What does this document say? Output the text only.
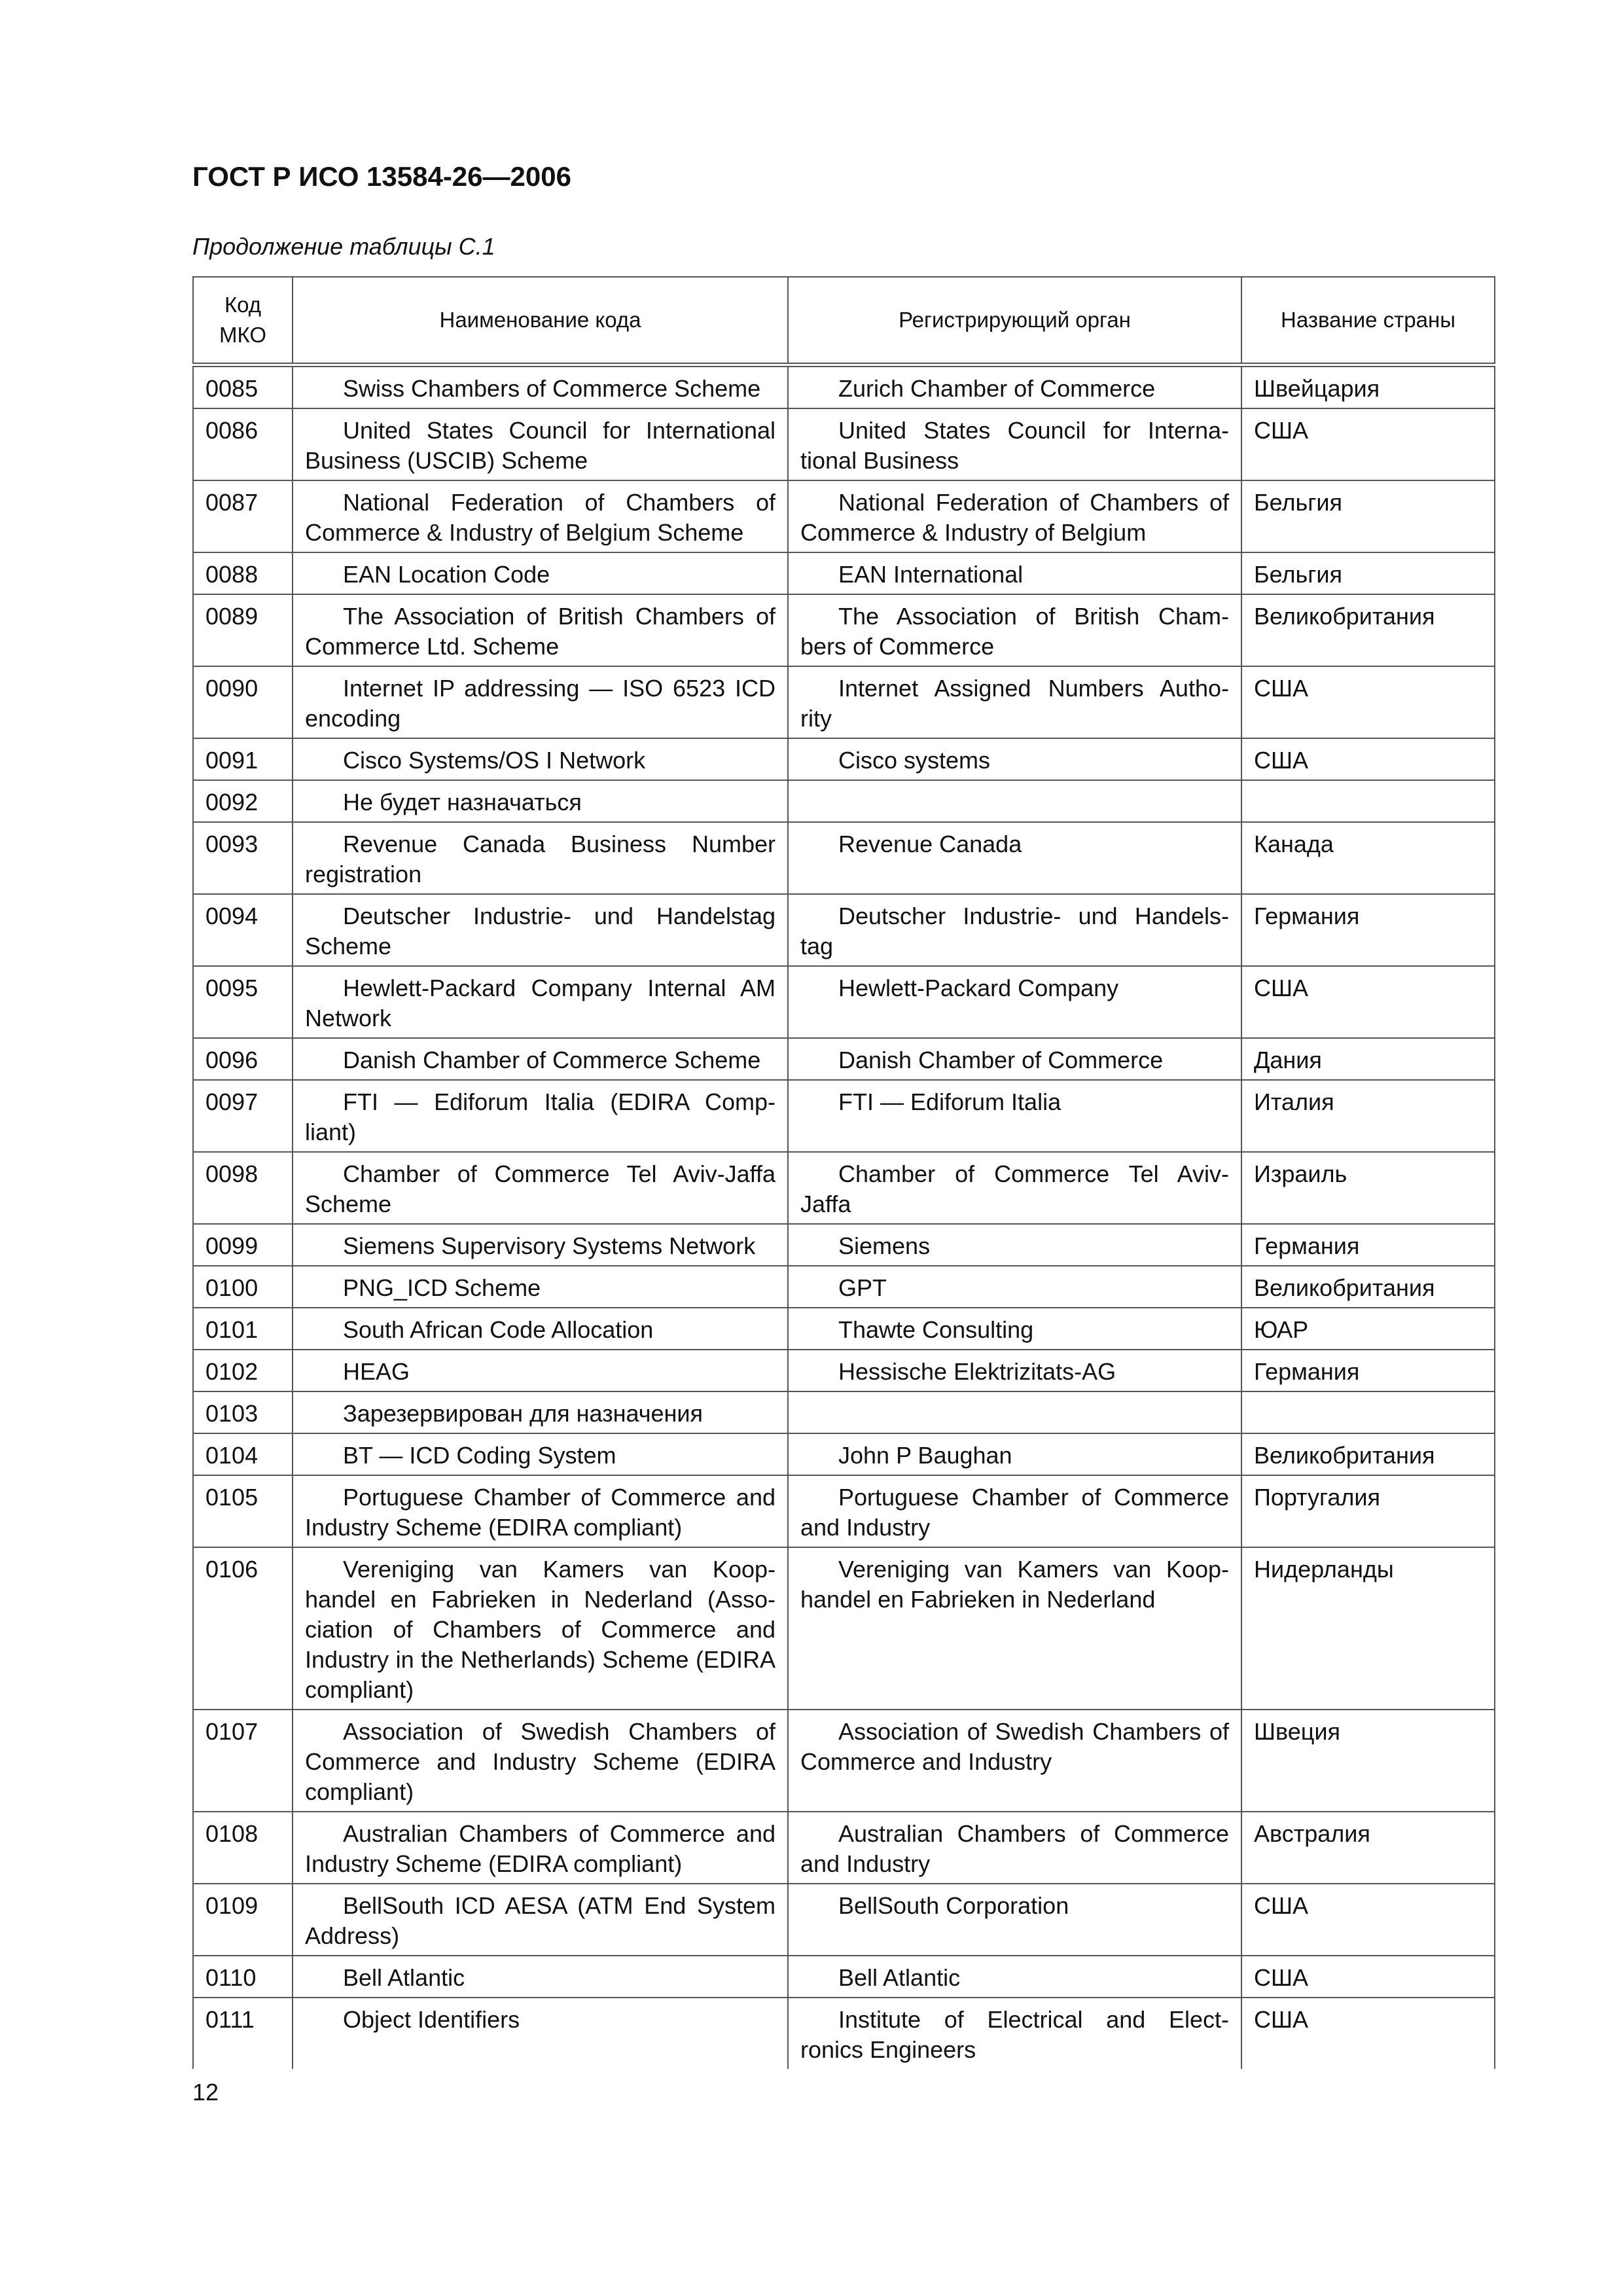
ГОСТ Р ИСО 13584-26—2006
Продолжение таблицы С.1
Код
МКО	Наименование кода	Регистрирующий орган	Название страны
0085	Swiss Chambers of Commerce Scheme	Zurich Chamber of Commerce	Швейцария
0086	United States Council for International Business (USCIB) Scheme	United States Council for Interna- tional Business	США
0087	National Federation of Chambers of Commerce & Industry of Belgium Scheme	National Federation of Chambers of Commerce & Industry of Belgium	Бельгия
0088	EAN Location Code	EAN International	Бельгия
0089	The Association of British Chambers of Commerce Ltd. Scheme	The Association of British Cham- bers of Commerce	Великобритания
0090	Internet IP addressing — ISO 6523 ICD encoding	Internet Assigned Numbers Autho- rity	США
0091	Cisco Systems/OS I Network	Cisco systems	США
0092	Не будет назначаться		
0093	Revenue Canada Business Number registration	Revenue Canada	Канада
0094	Deutscher Industrie- und Handelstag Scheme	Deutscher Industrie- und Handels- tag	Германия
0095	Hewlett-Packard Company Internal AM Network	Hewlett-Packard Company	США
0096	Danish Chamber of Commerce Scheme	Danish Chamber of Commerce	Дания
0097	FTI — Ediforum Italia (EDIRA Comp- liant)	FTI — Ediforum Italia	Италия
0098	Chamber of Commerce Tel Aviv-Jaffa Scheme	Chamber of Commerce Tel Aviv- Jaffa	Израиль
0099	Siemens Supervisory Systems Network	Siemens	Германия
0100	PNG_ICD Scheme	GPT	Великобритания
0101	South African Code Allocation	Thawte Consulting	ЮАР
0102	HEAG	Hessische Elektrizitats-AG	Германия
0103	Зарезервирован для назначения		
0104	BT — ICD Coding System	John P Baughan	Великобритания
0105	Portuguese Chamber of Commerce and Industry Scheme (EDIRA compliant)	Portuguese Chamber of Commerce and Industry	Португалия
0106	Vereniging van Kamers van Koop- handel en Fabrieken in Nederland (Asso- ciation of Chambers of Commerce and Industry in the Netherlands) Scheme (EDIRA compliant)	Vereniging van Kamers van Koop- handel en Fabrieken in Nederland	Нидерланды
0107	Association of Swedish Chambers of Commerce and Industry Scheme (EDIRA compliant)	Association of Swedish Chambers of Commerce and Industry	Швеция
0108	Australian Chambers of Commerce and Industry Scheme (EDIRA compliant)	Australian Chambers of Commerce and Industry	Австралия
0109	BellSouth ICD AESA (ATM End System Address)	BellSouth Corporation	США
0110	Bell Atlantic	Bell Atlantic	США
0111	Object Identifiers	Institute of Electrical and Elect- ronics Engineers	США
12
